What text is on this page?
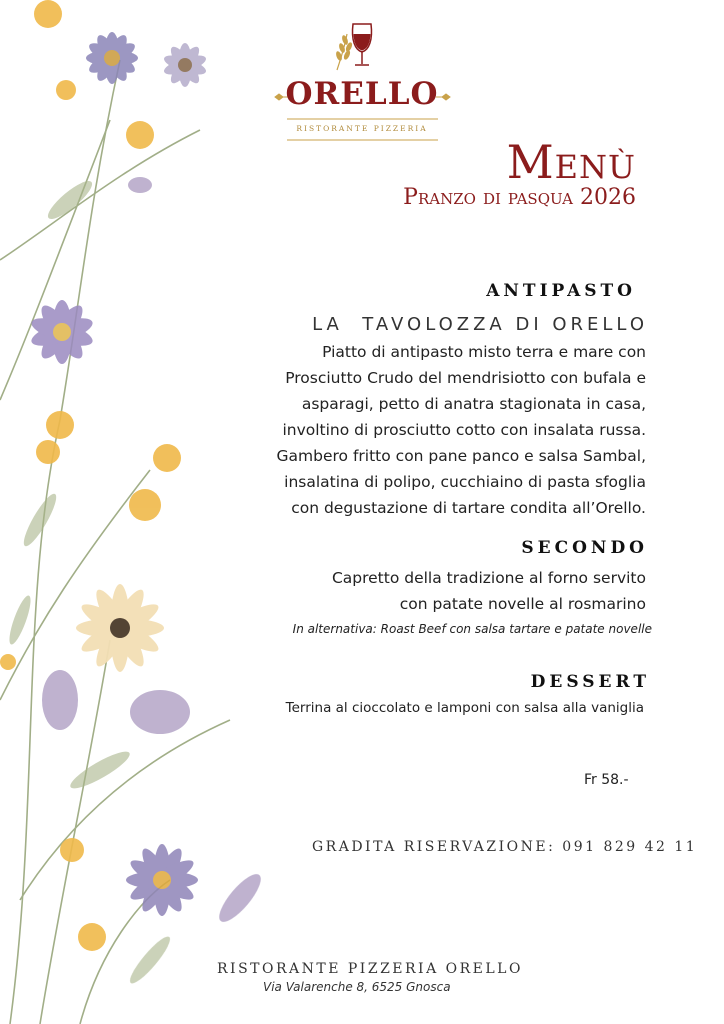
ORELLO
RISTORANTE PIZZERIA
Menù
Pranzo di pasqua 2026
ANTIPASTO
LA  TAVOLOZZA DI ORELLO
Piatto di antipasto misto terra e mare con
Prosciutto Crudo del mendrisiotto con bufala e
asparagi, petto di anatra stagionata in casa,
involtino di prosciutto cotto con insalata russa.
Gambero fritto con pane panco e salsa Sambal,
insalatina di polipo, cucchiaino di pasta sfoglia
con degustazione di tartare condita all’Orello.
SECONDO
Capretto della tradizione al forno servito
con patate novelle al rosmarino
In alternativa: Roast Beef con salsa tartare e patate novelle
DESSERT
Terrina al cioccolato e lamponi con salsa alla vaniglia
Fr 58.-
GRADITA RISERVAZIONE: 091 829 42 11
RISTORANTE PIZZERIA ORELLO
Via Valarenche 8, 6525 Gnosca
